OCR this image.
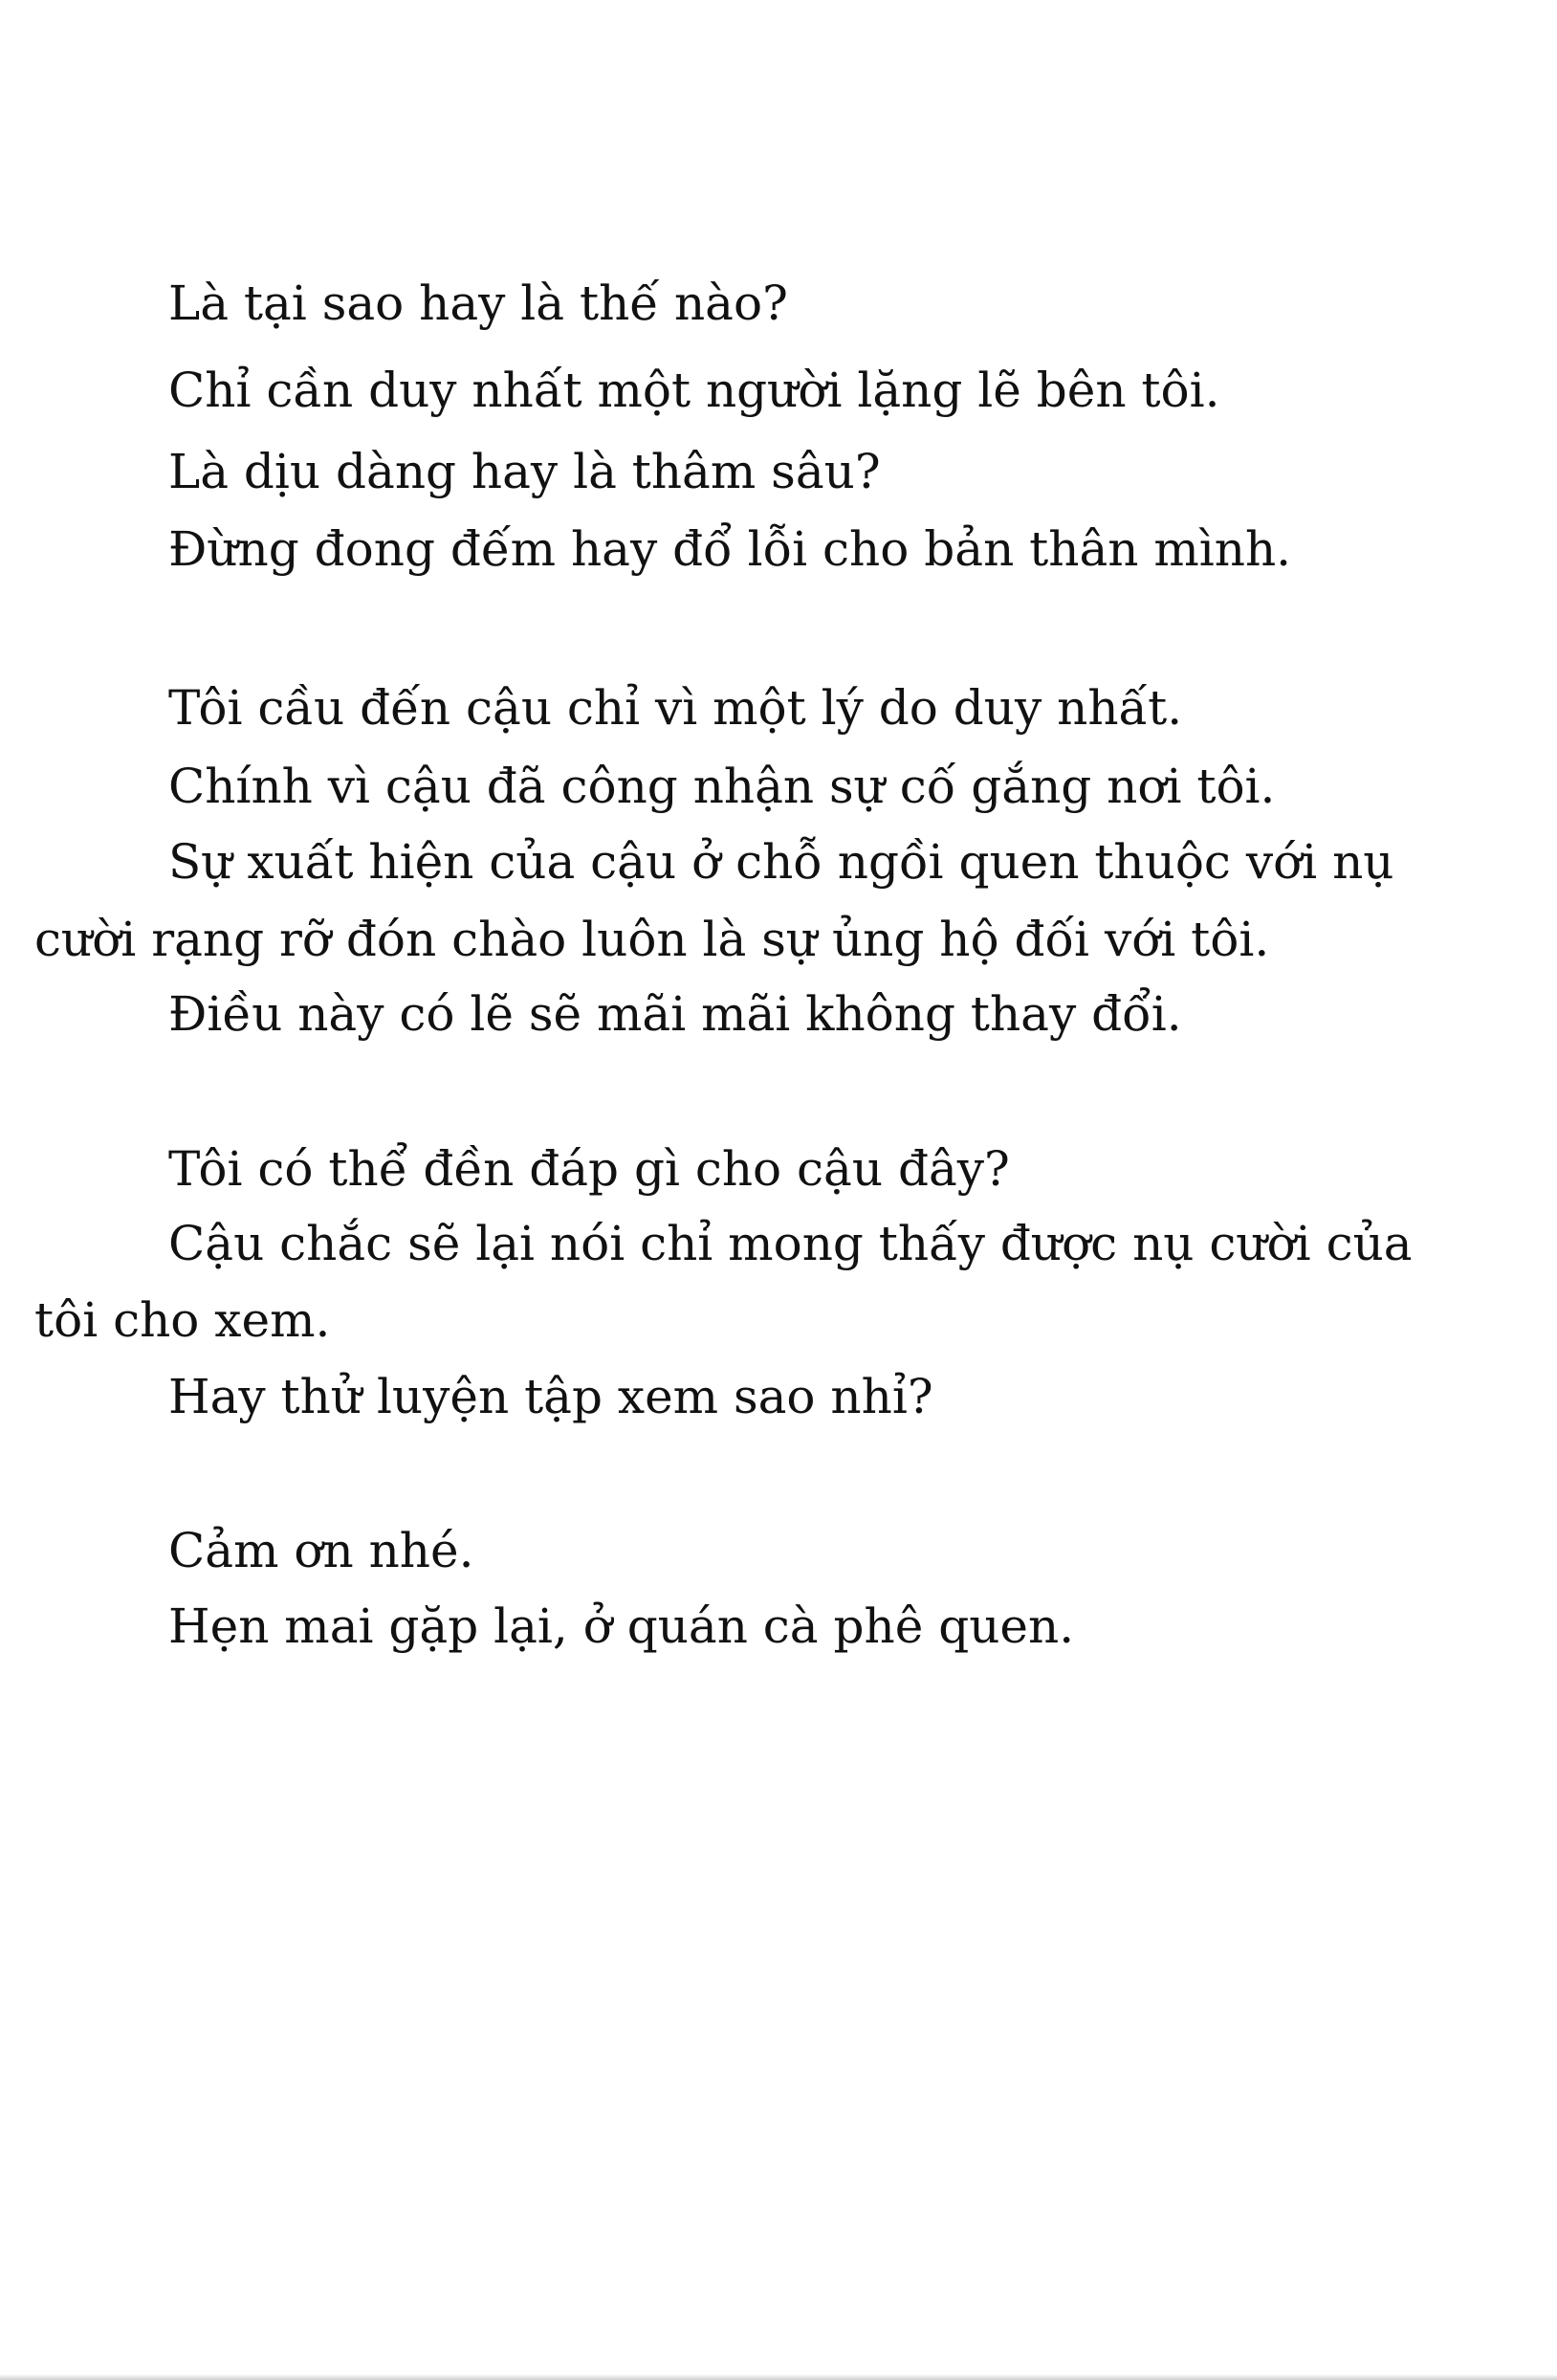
Là tại sao hay là thế nào?
Chỉ cần duy nhất một người lặng lẽ bên tôi.
Là dịu dàng hay là thâm sâu?
Đừng đong đếm hay đổ lỗi cho bản thân mình.
Tôi cầu đến cậu chỉ vì một lý do duy nhất.
Chính vì cậu đã công nhận sự cố gắng nơi tôi.
Sự xuất hiện của cậu ở chỗ ngồi quen thuộc với nụ
cười rạng rỡ đón chào luôn là sự ủng hộ đối với tôi.
Điều này có lẽ sẽ mãi mãi không thay đổi.
Tôi có thể đền đáp gì cho cậu đây?
Cậu chắc sẽ lại nói chỉ mong thấy được nụ cười của
tôi cho xem.
Hay thử luyện tập xem sao nhỉ?
Cảm ơn nhé.
Hẹn mai gặp lại, ở quán cà phê quen.
